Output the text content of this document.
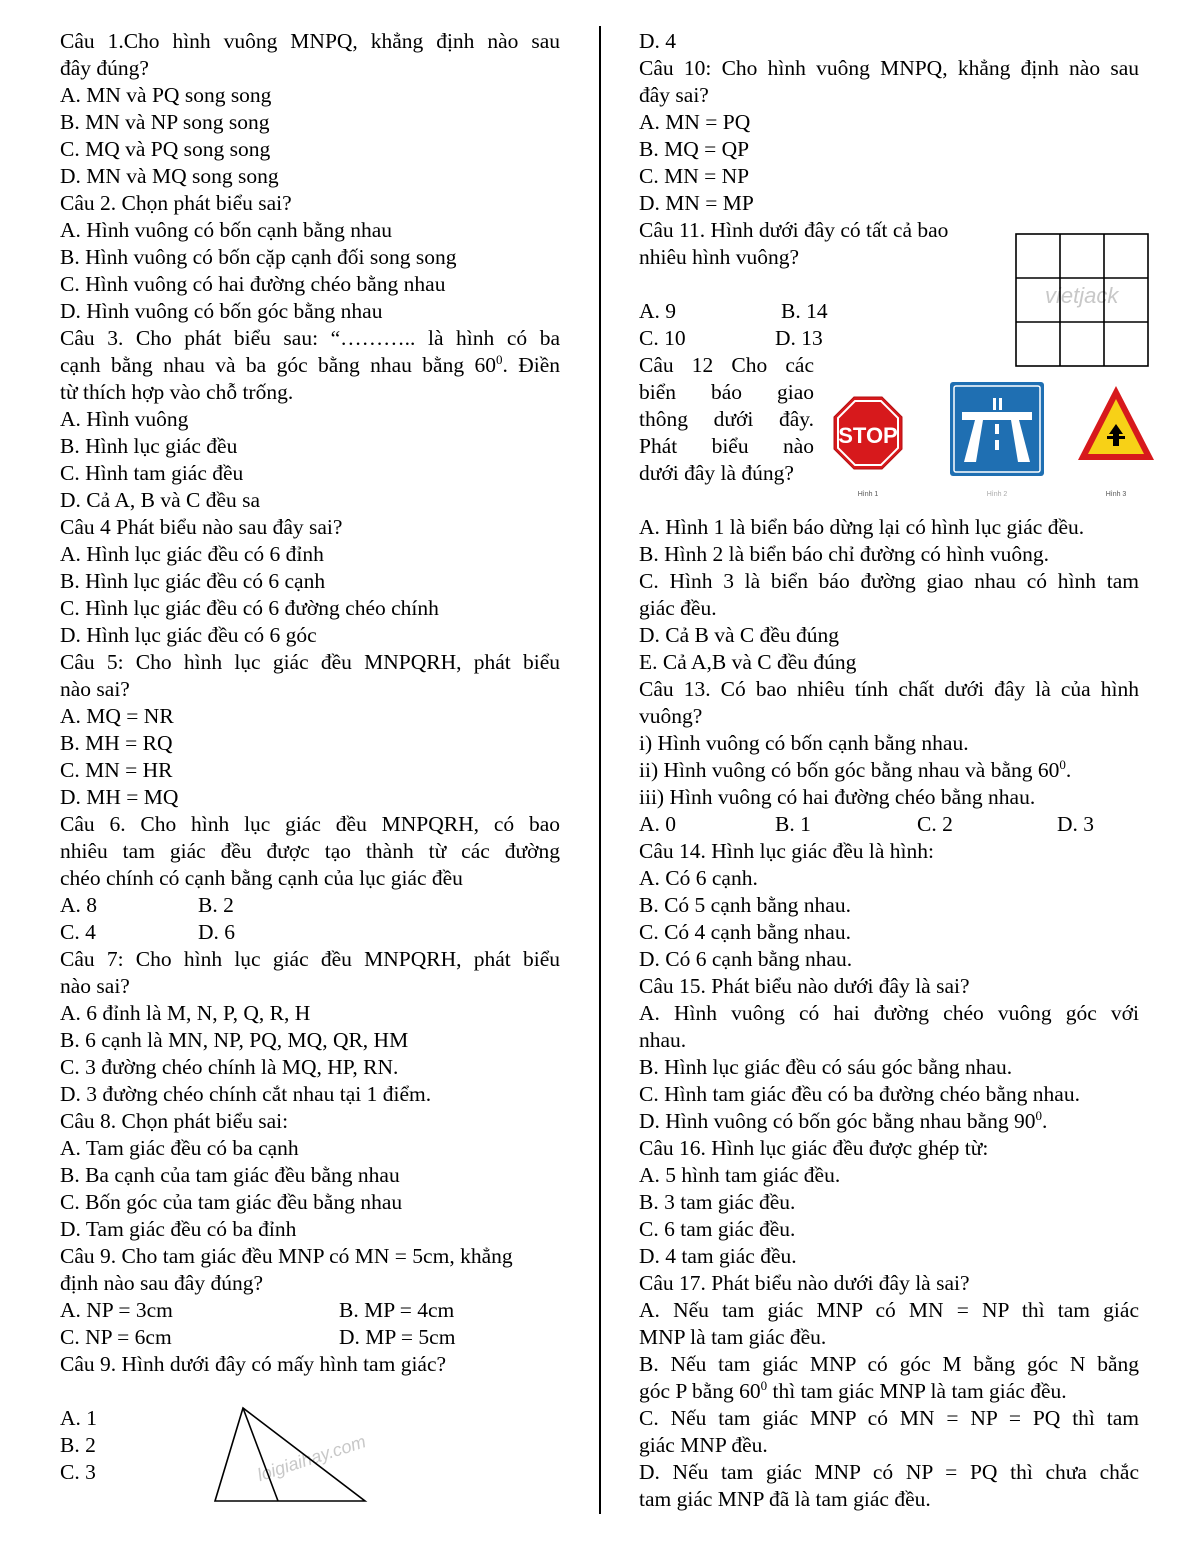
Câu 1.Cho hình vuông MNPQ, khẳng định nào sau
đây đúng?
A. MN và PQ song song
B. MN và NP song song
C. MQ và PQ song song
D. MN và MQ song song
Câu 2. Chọn phát biểu sai?
A. Hình vuông có bốn cạnh bằng nhau
B. Hình vuông có bốn cặp cạnh đối song song
C. Hình vuông có hai đường chéo bằng nhau
D. Hình vuông có bốn góc bằng nhau
Câu 3. Cho phát biểu sau: “……….. là hình có ba
cạnh bằng nhau và ba góc bằng nhau bằng $60^0$. Điền
từ thích hợp vào chỗ trống.
A. Hình vuông
B. Hình lục giác đều
C. Hình tam giác đều
D. Cả A, B và C đều sa
Câu 4 Phát biểu nào sau đây sai?
A. Hình lục giác đều có 6 đỉnh
B. Hình lục giác đều có 6 cạnh
C. Hình lục giác đều có 6 đường chéo chính
D. Hình lục giác đều có 6 góc
Câu 5: Cho hình lục giác đều MNPQRH, phát biểu
nào sai?
A. MQ = NR
B. MH = RQ
C. MN = HR
D. MH = MQ
Câu 6. Cho hình lục giác đều MNPQRH, có bao
nhiêu tam giác đều được tạo thành từ các đường
chéo chính có cạnh bằng cạnh của lục giác đều
A. 8	B. 2
C. 4	D. 6
Câu 7: Cho hình lục giác đều MNPQRH, phát biểu
nào sai?
A. 6 đỉnh là M, N, P, Q, R, H
B. 6 cạnh là MN, NP, PQ, MQ, QR, HM
C. 3 đường chéo chính là MQ, HP, RN.
D. 3 đường chéo chính cắt nhau tại 1 điểm.
Câu 8. Chọn phát biểu sai:
A. Tam giác đều có ba cạnh
B. Ba cạnh của tam giác đều bằng nhau
C. Bốn góc của tam giác đều bằng nhau
D. Tam giác đều có ba đỉnh
Câu 9. Cho tam giác đều MNP có MN = 5cm, khẳng
định nào sau đây đúng?
A. NP = 3cm	B. MP = 4cm
C. NP = 6cm	D. MP = 5cm
Câu 9. Hình dưới đây có mấy hình tam giác?
A. 1
B. 2
C. 3	loigiaihay.com
D. 4
Câu 10: Cho hình vuông MNPQ, khẳng định nào sau
đây sai?
A. MN = PQ
B. MQ = QP
C. MN = NP
D. MN = MP
Câu 11. Hình dưới đây có tất cả bao
nhiêu hình vuông?
A. 9	B. 14
C. 10	D. 13
Câu 12 Cho các
biển báo giao
thông dưới đây.
Phát biểu nào
dưới đây là đúng?
A. Hình 1 là biển báo dừng lại có hình lục giác đều.
B. Hình 2 là biển báo chỉ đường có hình vuông.
C. Hình 3 là biển báo đường giao nhau có hình tam
giác đều.
D. Cả B và C đều đúng
E. Cả A,B và C đều đúng
Câu 13. Có bao nhiêu tính chất dưới đây là của hình
vuông?
i) Hình vuông có bốn cạnh bằng nhau.
ii) Hình vuông có bốn góc bằng nhau và bằng $60^0$.
iii) Hình vuông có hai đường chéo bằng nhau.
A. 0	B. 1	C. 2	D. 3
Câu 14. Hình lục giác đều là hình:
A. Có 6 cạnh.
B. Có 5 cạnh bằng nhau.
C. Có 4 cạnh bằng nhau.
D. Có 6 cạnh bằng nhau.
Câu 15. Phát biểu nào dưới đây là sai?
A. Hình vuông có hai đường chéo vuông góc với
nhau.
B. Hình lục giác đều có sáu góc bằng nhau.
C. Hình tam giác đều có ba đường chéo bằng nhau.
D. Hình vuông có bốn góc bằng nhau bằng $90^0$.
Câu 16. Hình lục giác đều được ghép từ:
A. 5 hình tam giác đều.
B. 3 tam giác đều.
C. 6 tam giác đều.
D. 4 tam giác đều.
Câu 17. Phát biểu nào dưới đây là sai?
A. Nếu tam giác MNP có MN = NP thì tam giác
MNP là tam giác đều.
B. Nếu tam giác MNP có góc M bằng góc N bằng
góc P bằng $60^0$ thì tam giác MNP là tam giác đều.
C. Nếu tam giác MNP có MN = NP = PQ thì tam
giác MNP đều.
D. Nếu tam giác MNP có NP = PQ thì chưa chắc
tam giác MNP đã là tam giác đều.
vietjack
STOP
Hình 1	Hình 2	Hình 3
